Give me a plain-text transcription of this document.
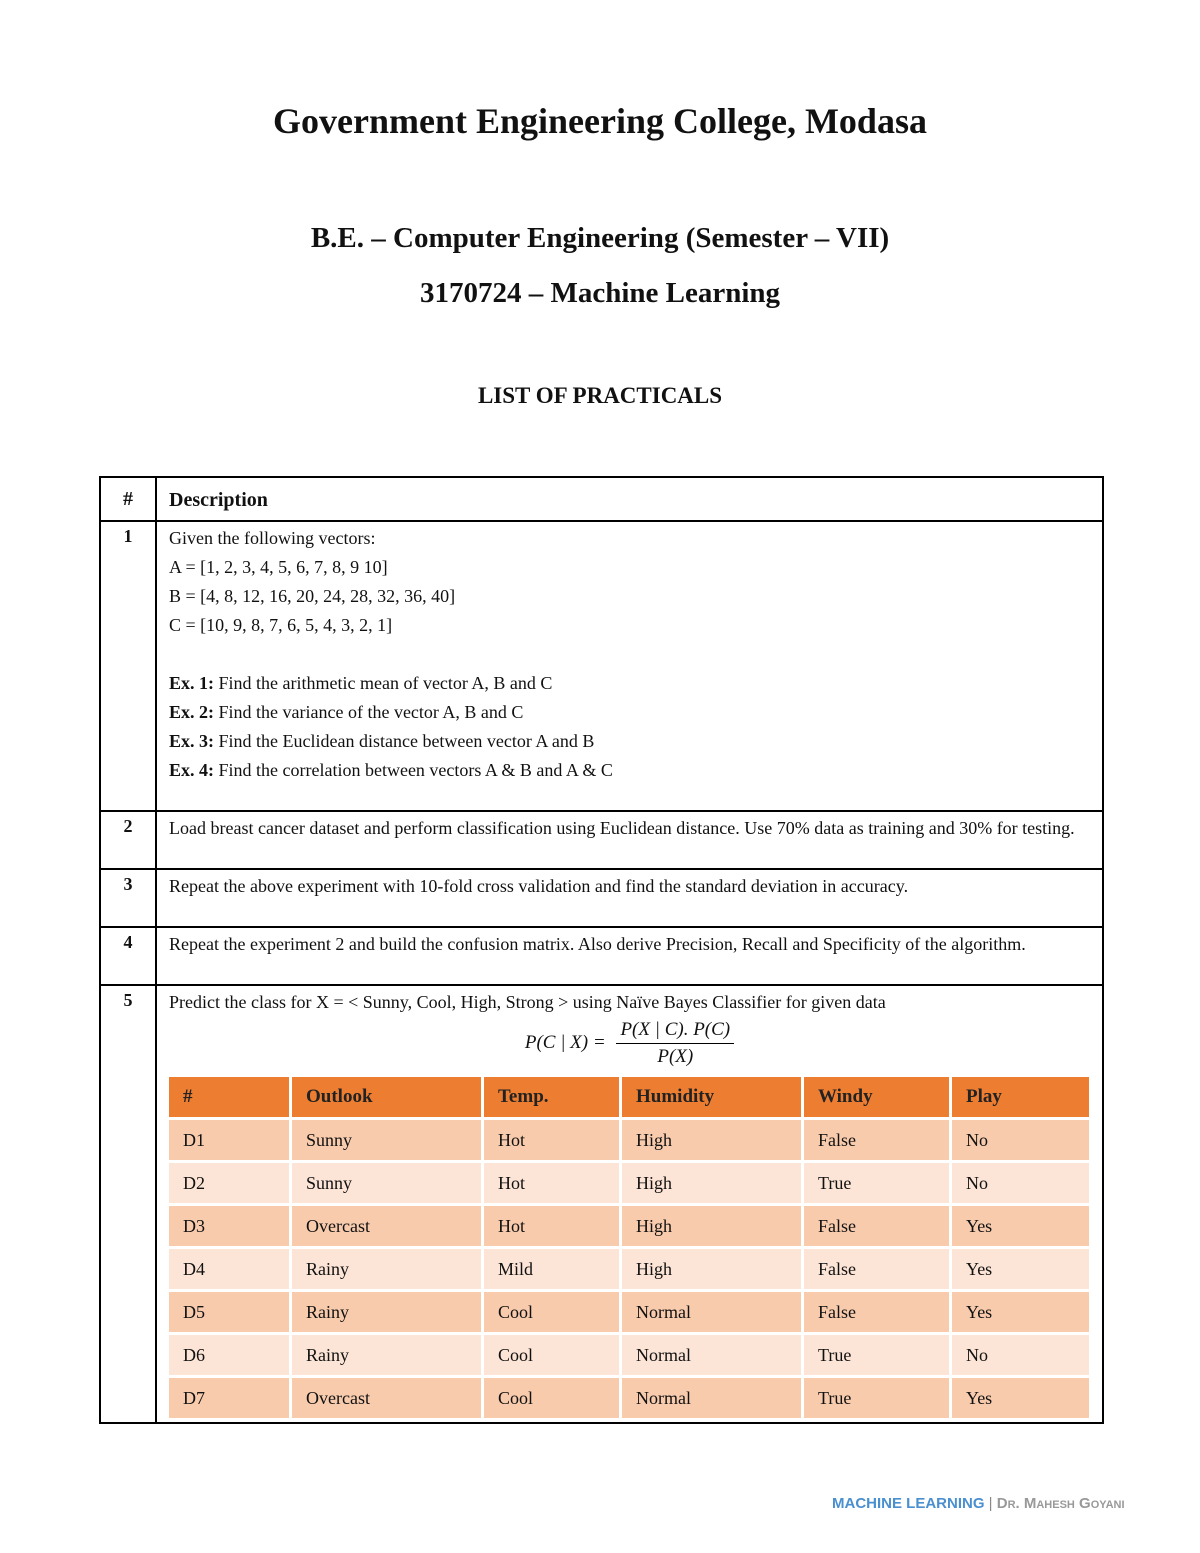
Government Engineering College, Modasa
B.E. – Computer Engineering (Semester – VII)
3170724 – Machine Learning
LIST OF PRACTICALS
#	Description
1	Given the following vectors:
A = [1, 2, 3, 4, 5, 6, 7, 8, 9 10]
B = [4, 8, 12, 16, 20, 24, 28, 32, 36, 40]
C = [10, 9, 8, 7, 6, 5, 4, 3, 2, 1]
Ex. 1: Find the arithmetic mean of vector A, B and C
Ex. 2: Find the variance of the vector A, B and C
Ex. 3: Find the Euclidean distance between vector A and B
Ex. 4: Find the correlation between vectors A & B and A & C

2	Load breast cancer dataset and perform classification using Euclidean distance. Use 70% data as training and 30% for testing.
3	Repeat the above experiment with 10-fold cross validation and find the standard deviation in accuracy.
4	Repeat the experiment 2 and build the confusion matrix. Also derive Precision, Recall and Specificity of the algorithm.
5	Predict the class for X = < Sunny, Cool, High, Strong > using Naïve Bayes Classifier for given data
P(C | $X) = \frac{P(X | C). P(C)}{P(X)}$
#	Outlook	Temp.	Humidity	Windy	Play
D1	Sunny	Hot	High	False	No
D2	Sunny	Hot	High	True	No
D3	Overcast	Hot	High	False	Yes
D4	Rainy	Mild	High	False	Yes
D5	Rainy	Cool	Normal	False	Yes
D6	Rainy	Cool	Normal	True	No
D7	Overcast	Cool	Normal	True	Yes
MACHINE LEARNING | Dr. Mahesh Goyani
